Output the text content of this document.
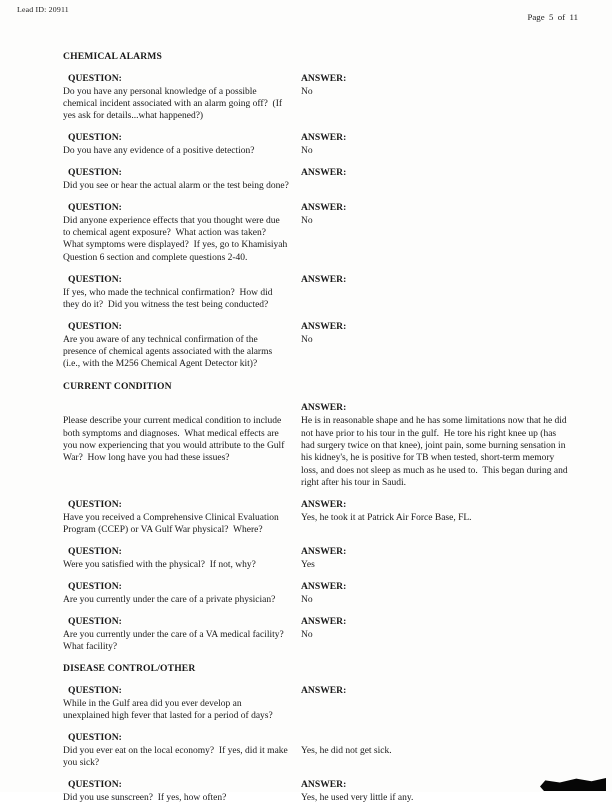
Lead ID: 20911
Page  5  of  11
CHEMICAL ALARMS
QUESTION:	ANSWER:
Do you have any personal knowledge of a possible chemical incident associated with an alarm going off?  (If yes ask for details...what happened?)
No
QUESTION:	ANSWER:
Do you have any evidence of a positive detection?	No
QUESTION:	ANSWER:
Did you see or hear the actual alarm or the test being done?
QUESTION:	ANSWER:
Did anyone experience effects that you thought were due to chemical agent exposure?  What action was taken?  What symptoms were displayed?  If yes, go to Khamisiyah Question 6 section and complete questions 2-40.
No
QUESTION:	ANSWER:
If yes, who made the technical confirmation?  How did they do it?  Did you witness the test being conducted?
QUESTION:	ANSWER:
Are you aware of any technical confirmation of the presence of chemical agents associated with the alarms (i.e., with the M256 Chemical Agent Detector kit)?
No
CURRENT CONDITION
ANSWER:
Please describe your current medical condition to include both symptoms and diagnoses.  What medical effects are you now experiencing that you would attribute to the Gulf War?  How long have you had these issues?
He is in reasonable shape and he has some limitations now that he did not have prior to his tour in the gulf.  He tore his right knee up (has had surgery twice on that knee), joint pain, some burning sensation in his kidney's, he is positive for TB when tested, short-term memory loss, and does not sleep as much as he used to.  This began during and right after his tour in Saudi.
QUESTION:	ANSWER:
Have you received a Comprehensive Clinical Evaluation Program (CCEP) or VA Gulf War physical?  Where?
Yes, he took it at Patrick Air Force Base, FL.
QUESTION:	ANSWER:
Were you satisfied with the physical?  If not, why?	Yes
QUESTION:	ANSWER:
Are you currently under the care of a private physician?	No
QUESTION:	ANSWER:
Are you currently under the care of a VA medical facility?  What facility?
No
DISEASE CONTROL/OTHER
QUESTION:	ANSWER:
While in the Gulf area did you ever develop an unexplained high fever that lasted for a period of days?
QUESTION:
Did you ever eat on the local economy?  If yes, did it make you sick?
Yes, he did not get sick.
QUESTION:	ANSWER:
Did you use sunscreen?  If yes, how often?	Yes, he used very little if any.
